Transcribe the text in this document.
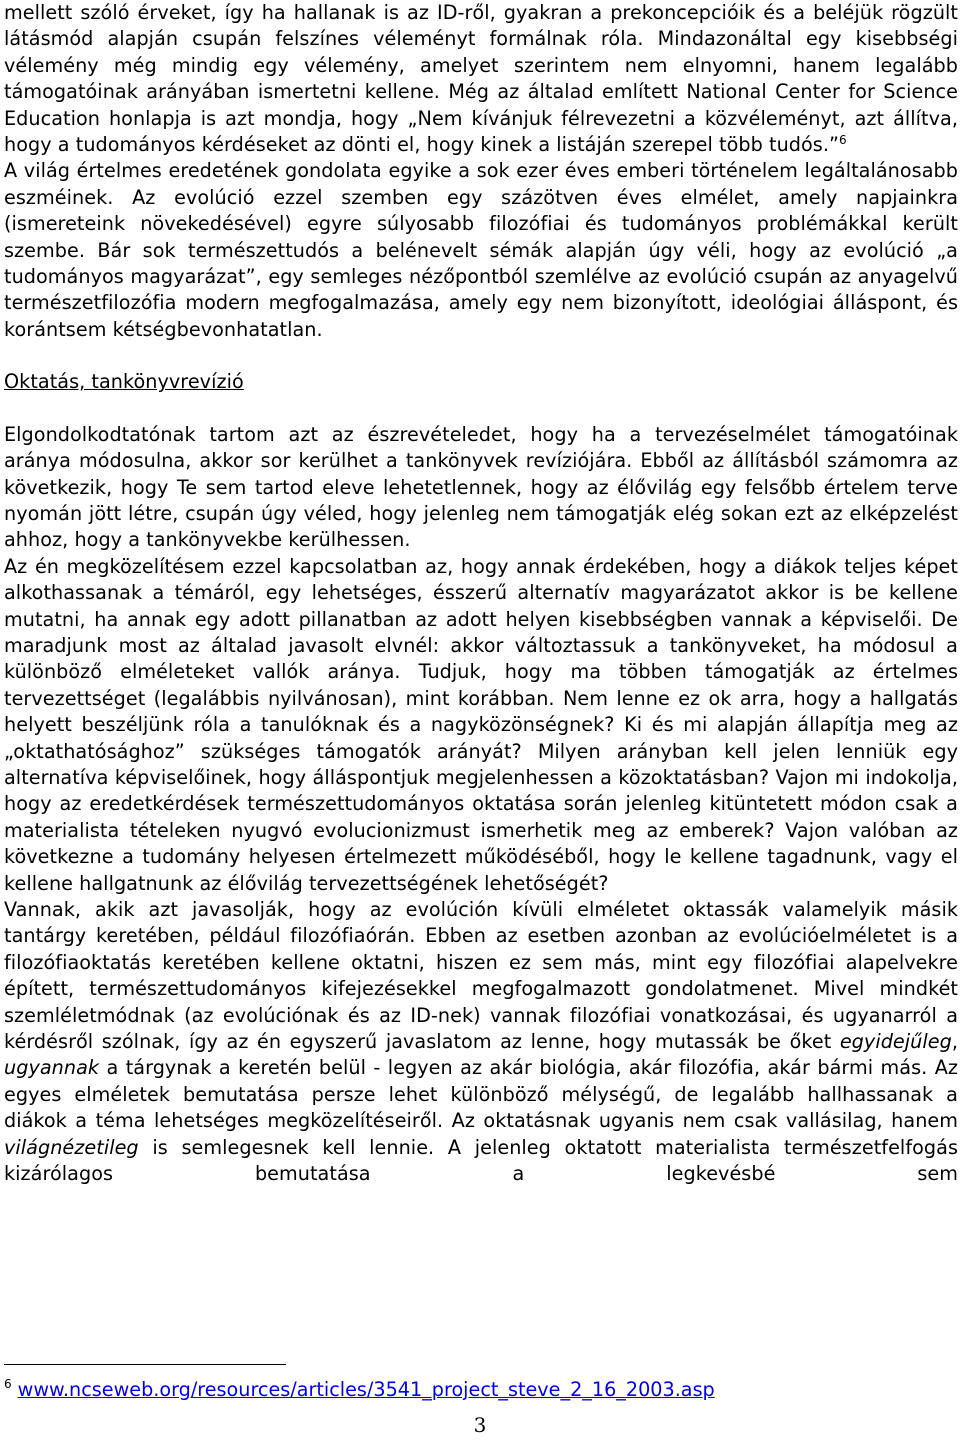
mellett szóló érveket, így ha hallanak is az ID-ről, gyakran a prekoncepcióik és a beléjük rögzült látásmód alapján csupán felszínes véleményt formálnak róla. Mindazonáltal egy kisebbségi vélemény még mindig egy vélemény, amelyet szerintem nem elnyomni, hanem legalább támogatóinak arányában ismertetni kellene. Még az általad említett National Center for Science Education honlapja is azt mondja, hogy „Nem kívánjuk félrevezetni a közvéleményt, azt állítva, hogy a tudományos kérdéseket az dönti el, hogy kinek a listáján szerepel több tudós.”$^6$

A világ értelmes eredetének gondolata egyike a sok ezer éves emberi történelem legáltalánosabb eszméinek. Az evolúció ezzel szemben egy százötven éves elmélet, amely napjainkra (ismereteink növekedésével) egyre súlyosabb filozófiai és tudományos problémákkal került szembe. Bár sok természettudós a belénevelt sémák alapján úgy véli, hogy az evolúció „a tudományos magyarázat”, egy semleges nézőpontból szemlélve az evolúció csupán az anyagelvű természetfilozófia modern megfogalmazása, amely egy nem bizonyított, ideológiai álláspont, és korántsem kétségbevonhatatlan.

Oktatás, tankönyvrevízió

Elgondolkodtatónak tartom azt az észrevételedet, hogy ha a tervezéselmélet támogatóinak aránya módosulna, akkor sor kerülhet a tankönyvek revíziójára. Ebből az állításból számomra az következik, hogy Te sem tartod eleve lehetetlennek, hogy az élővilág egy felsőbb értelem terve nyomán jött létre, csupán úgy véled, hogy jelenleg nem támogatják elég sokan ezt az elképzelést ahhoz, hogy a tankönyvekbe kerülhessen.

Az én megközelítésem ezzel kapcsolatban az, hogy annak érdekében, hogy a diákok teljes képet alkothassanak a témáról, egy lehetséges, ésszerű alternatív magyarázatot akkor is be kellene mutatni, ha annak egy adott pillanatban az adott helyen kisebbségben vannak a képviselői. De maradjunk most az általad javasolt elvnél: akkor változtassuk a tankönyveket, ha módosul a különböző elméleteket vallók aránya. Tudjuk, hogy ma többen támogatják az értelmes tervezettséget (legalábbis nyilvánosan), mint korábban. Nem lenne ez ok arra, hogy a hallgatás helyett beszéljünk róla a tanulóknak és a nagyközönségnek? Ki és mi alapján állapítja meg az „oktathatósághoz” szükséges támogatók arányát? Milyen arányban kell jelen lenniük egy alternatíva képviselőinek, hogy álláspontjuk megjelenhessen a közoktatásban? Vajon mi indokolja, hogy az eredetkérdések természettudományos oktatása során jelenleg kitüntetett módon csak a materialista tételeken nyugvó evolucionizmust ismerhetik meg az emberek? Vajon valóban az következne a tudomány helyesen értelmezett működéséből, hogy le kellene tagadnunk, vagy el kellene hallgatnunk az élővilág tervezettségének lehetőségét?

Vannak, akik azt javasolják, hogy az evolúción kívüli elméletet oktassák valamelyik másik tantárgy keretében, például filozófiaórán. Ebben az esetben azonban az evolúcióelméletet is a filozófiaoktatás keretében kellene oktatni, hiszen ez sem más, mint egy filozófiai alapelvekre épített, természettudományos kifejezésekkel megfogalmazott gondolatmenet. Mivel mindkét szemléletmódnak (az evolúciónak és az ID-nek) vannak filozófiai vonatkozásai, és ugyanarról a kérdésről szólnak, így az én egyszerű javaslatom az lenne, hogy mutassák be őket egyidejűleg, ugyannak a tárgynak a keretén belül - legyen az akár biológia, akár filozófia, akár bármi más. Az egyes elméletek bemutatása persze lehet különböző mélységű, de legalább hallhassanak a diákok a téma lehetséges megközelítéseiről. Az oktatásnak ugyanis nem csak vallásilag, hanem világnézetileg is semlegesnek kell lennie. A jelenleg oktatott materialista természetfelfogás kizárólagos bemutatása a legkevésbé sem

$^6$ www.ncseweb.org/resources/articles/3541_project_steve_2_16_2003.asp
3
